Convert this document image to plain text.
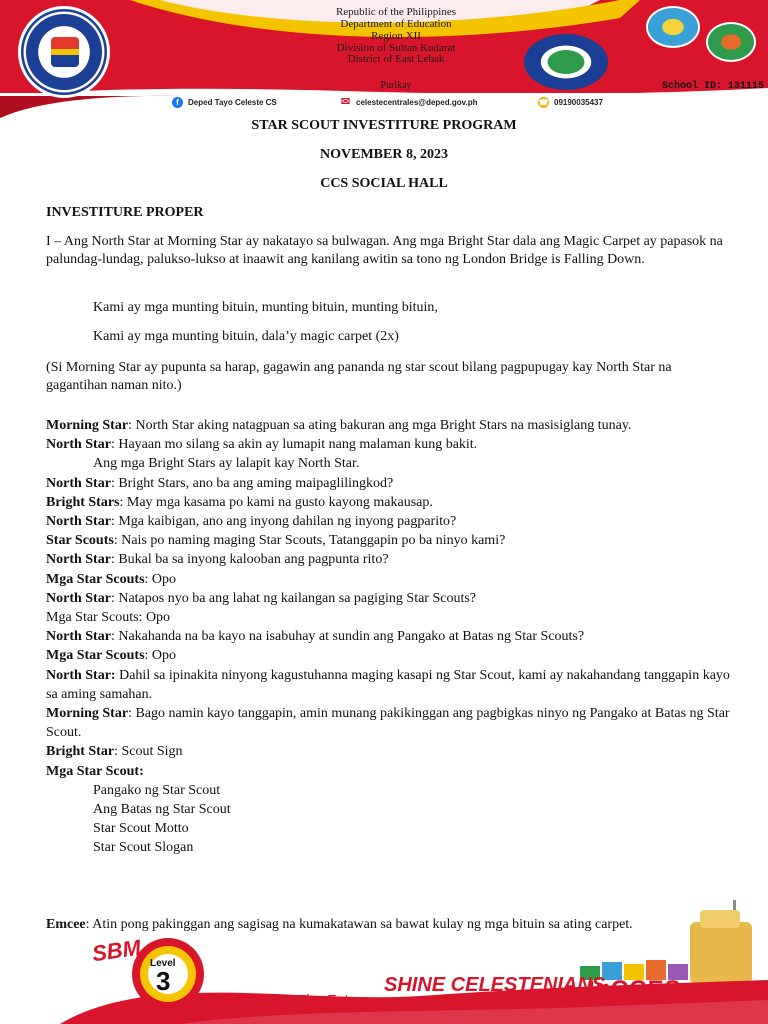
Republic of the Philippines
Department of Education
Region XII
Division of Sultan Kudarat
District of East Lebak
CELESTE CENTRAL SCHOOL
Purikay	School ID: 131115
f	Deped Tayo Celeste CS	✉ celestecentrales@deped.gov.ph	☎ 09190035437
STAR SCOUT INVESTITURE PROGRAM
NOVEMBER 8, 2023
CCS SOCIAL HALL
INVESTITURE PROPER

I – Ang North Star at Morning Star ay nakatayo sa bulwagan. Ang mga Bright Star dala ang Magic Carpet ay papasok na palundag-lundag, palukso-lukso at inaawit ang kanilang awitin sa tono ng London Bridge is Falling Down.

Kami ay mga munting bituin, munting bituin, munting bituin,
Kami ay mga munting bituin, dala’y magic carpet (2x)

(Si Morning Star ay pupunta sa harap, gagawin ang pananda ng star scout bilang pagpupugay kay North Star na gagantihan naman nito.)

Morning Star: North Star aking natagpuan sa ating bakuran ang mga Bright Stars na masisiglang tunay.
North Star: Hayaan mo silang sa akin ay lumapit nang malaman kung bakit.
Ang mga Bright Stars ay lalapit kay North Star.
North Star: Bright Stars, ano ba ang aming maipaglilingkod?
Bright Stars: May mga kasama po kami na gusto kayong makausap.
North Star: Mga kaibigan, ano ang inyong dahilan ng inyong pagparito?
Star Scouts: Nais po naming maging Star Scouts, Tatanggapin po ba ninyo kami?
North Star: Bukal ba sa inyong kalooban ang pagpunta rito?
Mga Star Scouts: Opo
North Star: Natapos nyo ba ang lahat ng kailangan sa pagiging Star Scouts?
Mga Star Scouts: Opo
North Star: Nakahanda na ba kayo na isabuhay at sundin ang Pangako at Batas ng Star Scouts?
Mga Star Scouts: Opo
North Star: Dahil sa ipinakita ninyong kagustuhanna maging kasapi ng Star Scout, kami ay nakahandang tanggapin kayo sa aming samahan.
Morning Star: Bago namin kayo tanggapin, amin munang pakikinggan ang pagbigkas ninyo ng Pangako at Batas ng Star Scout.
Bright Star: Scout Sign
Mga Star Scout:
Pangako ng Star Scout
Ang Batas ng Star Scout
Star Scout Motto
Star Scout Slogan
SBM Level
3
Your Door To The Future
SHINE CELESTENIANS
I♥CCES
Emcee: Atin pong pakinggan ang sagisag na kumakatawan sa bawat kulay ng mga bituin sa ating carpet.
